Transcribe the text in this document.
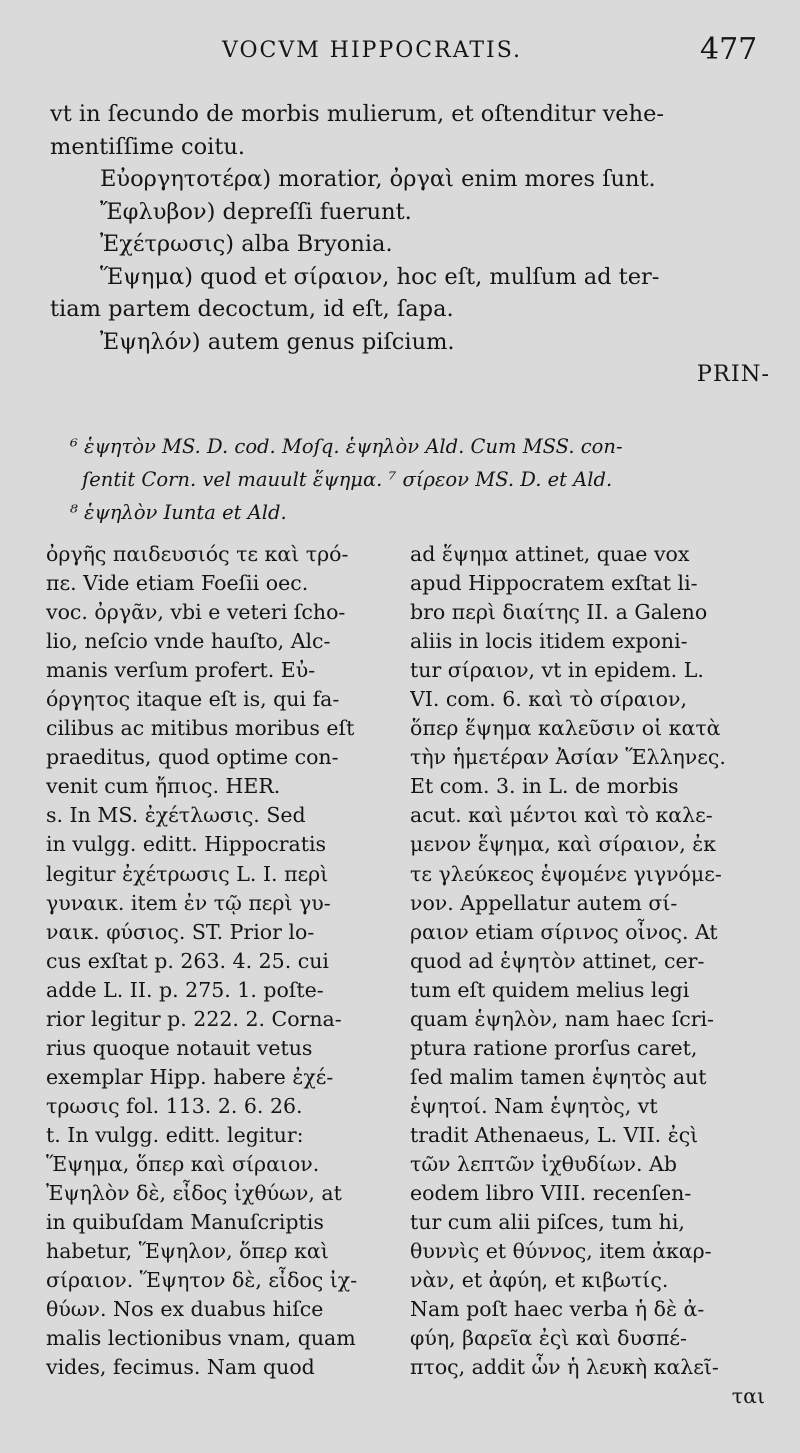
VOCVM HIPPOCRATIS.	477
vt in ſecundo de morbis mulierum, et oſtenditur vehe-
mentiſſime coitu.
Εὐοργητοτέρα) moratior, ὀργαὶ enim mores ſunt.
Ἔφλυβον) depreſſi fuerunt.
Ἐχέτρωσις) alba Bryonia.
Ἕψημα) quod et σίραιον, hoc eſt, mulſum ad ter-
tiam partem decoctum, id eſt, ſapa.
Ἐψηλόν) autem genus piſcium.
PRIN-
⁶ ἑψητὸν MS. D. cod. Moſq. ἑψηλὸν Ald. Cum MSS. con-
ſentit Corn. vel mauult ἕψημα. ⁷ σίρεον MS. D. et Ald.
⁸ ἑψηλὸν Iunta et Ald.
ὀργῆς παιδευσιός τε καὶ τρό-
πε. Vide etiam Foeſii oec.
voc. ὀργᾶν, vbi e veteri ſcho-
lio, neſcio vnde hauſto, Alc-
manis verſum profert. Εὐ-
όργητος itaque eſt is, qui fa-
cilibus ac mitibus moribus eſt
praeditus, quod optime con-
venit cum ἤπιος. HER.
s. In MS. ἐχέτλωσις. Sed
in vulgg. editt. Hippocratis
legitur ἐχέτρωσις L. I. περὶ
γυναικ. item ἐν τῷ περὶ γυ-
ναικ. φύσιος. ST. Prior lo-
cus exſtat p. 263. 4. 25. cui
adde L. II. p. 275. 1. poſte-
rior legitur p. 222. 2. Corna-
rius quoque notauit vetus
exemplar Hipp. habere ἐχέ-
τρωσις fol. 113. 2. 6. 26.
t. In vulgg. editt. legitur:
Ἕψημα, ὅπερ καὶ σίραιον.
Ἐψηλὸν δὲ, εἶδος ἰχθύων, at
in quibuſdam Manuſcriptis
habetur, Ἕψηλον, ὅπερ καὶ
σίραιον. Ἕψητον δὲ, εἶδος ἰχ-
θύων. Nos ex duabus hiſce
malis lectionibus vnam, quam
vides, fecimus. Nam quod
ad ἕψημα attinet, quae vox
apud Hippocratem exſtat li-
bro περὶ διαίτης II. a Galeno
aliis in locis itidem exponi-
tur σίραιον, vt in epidem. L.
VI. com. 6. καὶ τὸ σίραιον,
ὅπερ ἕψημα καλεῦσιν οἱ κατὰ
τὴν ἡμετέραν Ἀσίαν Ἕλληνες.
Et com. 3. in L. de morbis
acut. καὶ μέντοι καὶ τὸ καλε-
μενον ἕψημα, καὶ σίραιον, ἐκ
τε γλεύκεος ἑψομένε γιγνόμε-
νον. Appellatur autem σί-
ραιον etiam σίρινος οἶνος. At
quod ad ἑψητὸν attinet, cer-
tum eſt quidem melius legi
quam ἑψηλὸν, nam haec ſcri-
ptura ratione prorſus caret,
ſed malim tamen ἑψητὸς aut
ἑψητοί. Nam ἑψητὸς, vt
tradit Athenaeus, L. VII. ἐςὶ
τῶν λεπτῶν ἰχθυδίων. Ab
eodem libro VIII. recenſen-
tur cum alii piſces, tum hi,
θυννὶς et θύννος, item ἀκαρ-
νὰν, et ἀφύη, et κιβωτίς.
Nam poſt haec verba ἡ δὲ ἀ-
φύη, βαρεῖα ἐςὶ καὶ δυσπέ-
πτος, addit ὧν ἡ λευκὴ καλεῖ-
ται
